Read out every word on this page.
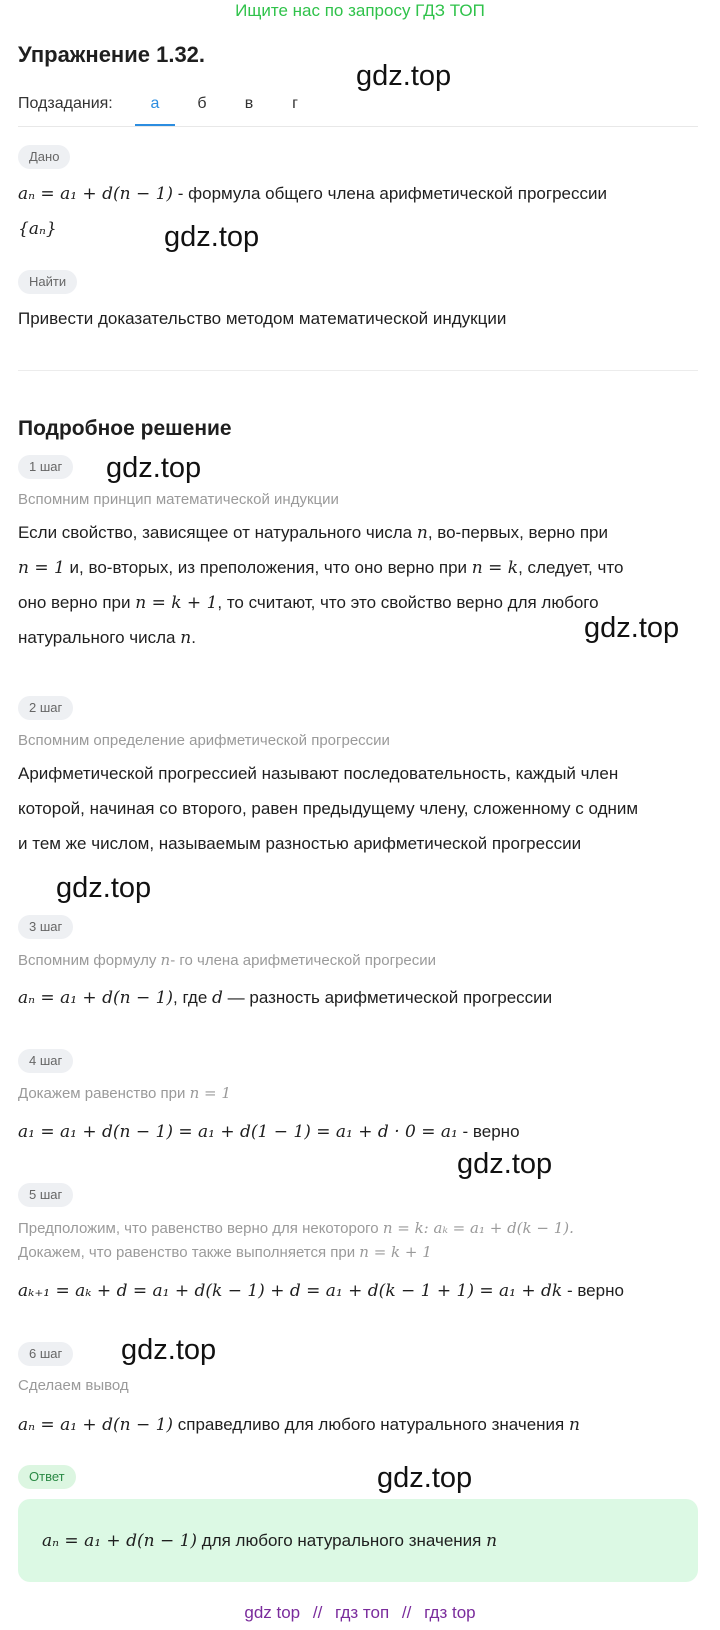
Ищите нас по запросу ГДЗ ТОП
Упражнение 1.32.
gdz.top
Подзадания:	а	б	в	г
Дано
aₙ = a₁ + d(n − 1) - формула общего члена арифметической прогрессии
{aₙ}	gdz.top
Найти
Привести доказательство методом математической индукции
Подробное решение
1 шаг	gdz.top
Вспомним принцип математической индукции
Если свойство, зависящее от натурального числа n, во-первых, верно при
n = 1 и, во-вторых, из преположения, что оно верно при n = k, следует, что
оно верно при n = k + 1, то считают, что это свойство верно для любого
натурального числа n.	gdz.top
2 шаг
Вспомним определение арифметической прогрессии
Арифметической прогрессией называют последовательность, каждый член
которой, начиная со второго, равен предыдущему члену, сложенному с одним
и тем же числом, называемым разностью арифметической прогрессии
gdz.top
3 шаг
Вспомним формулу n- го члена арифметической прогреcии
aₙ = a₁ + d(n − 1), где d — разность арифметической прогрессии
4 шаг
Докажем равенство при n = 1
a₁ = a₁ + d(n − 1) = a₁ + d(1 − 1) = a₁ + d · 0 = a₁ - верно
gdz.top
5 шаг
Предположим, что равенство верно для некоторого n = k: aₖ = a₁ + d(k − 1).
Докажем, что равенство также выполняется при n = k + 1
aₖ₊₁ = aₖ + d = a₁ + d(k − 1) + d = a₁ + d(k − 1 + 1) = a₁ + dk - верно
6 шаг	gdz.top
Сделаем вывод
aₙ = a₁ + d(n − 1) справедливо для любого натурального значения n
Ответ	gdz.top
aₙ = a₁ + d(n − 1) для любого натурального значения n
gdz top // гдз топ // гдз top
